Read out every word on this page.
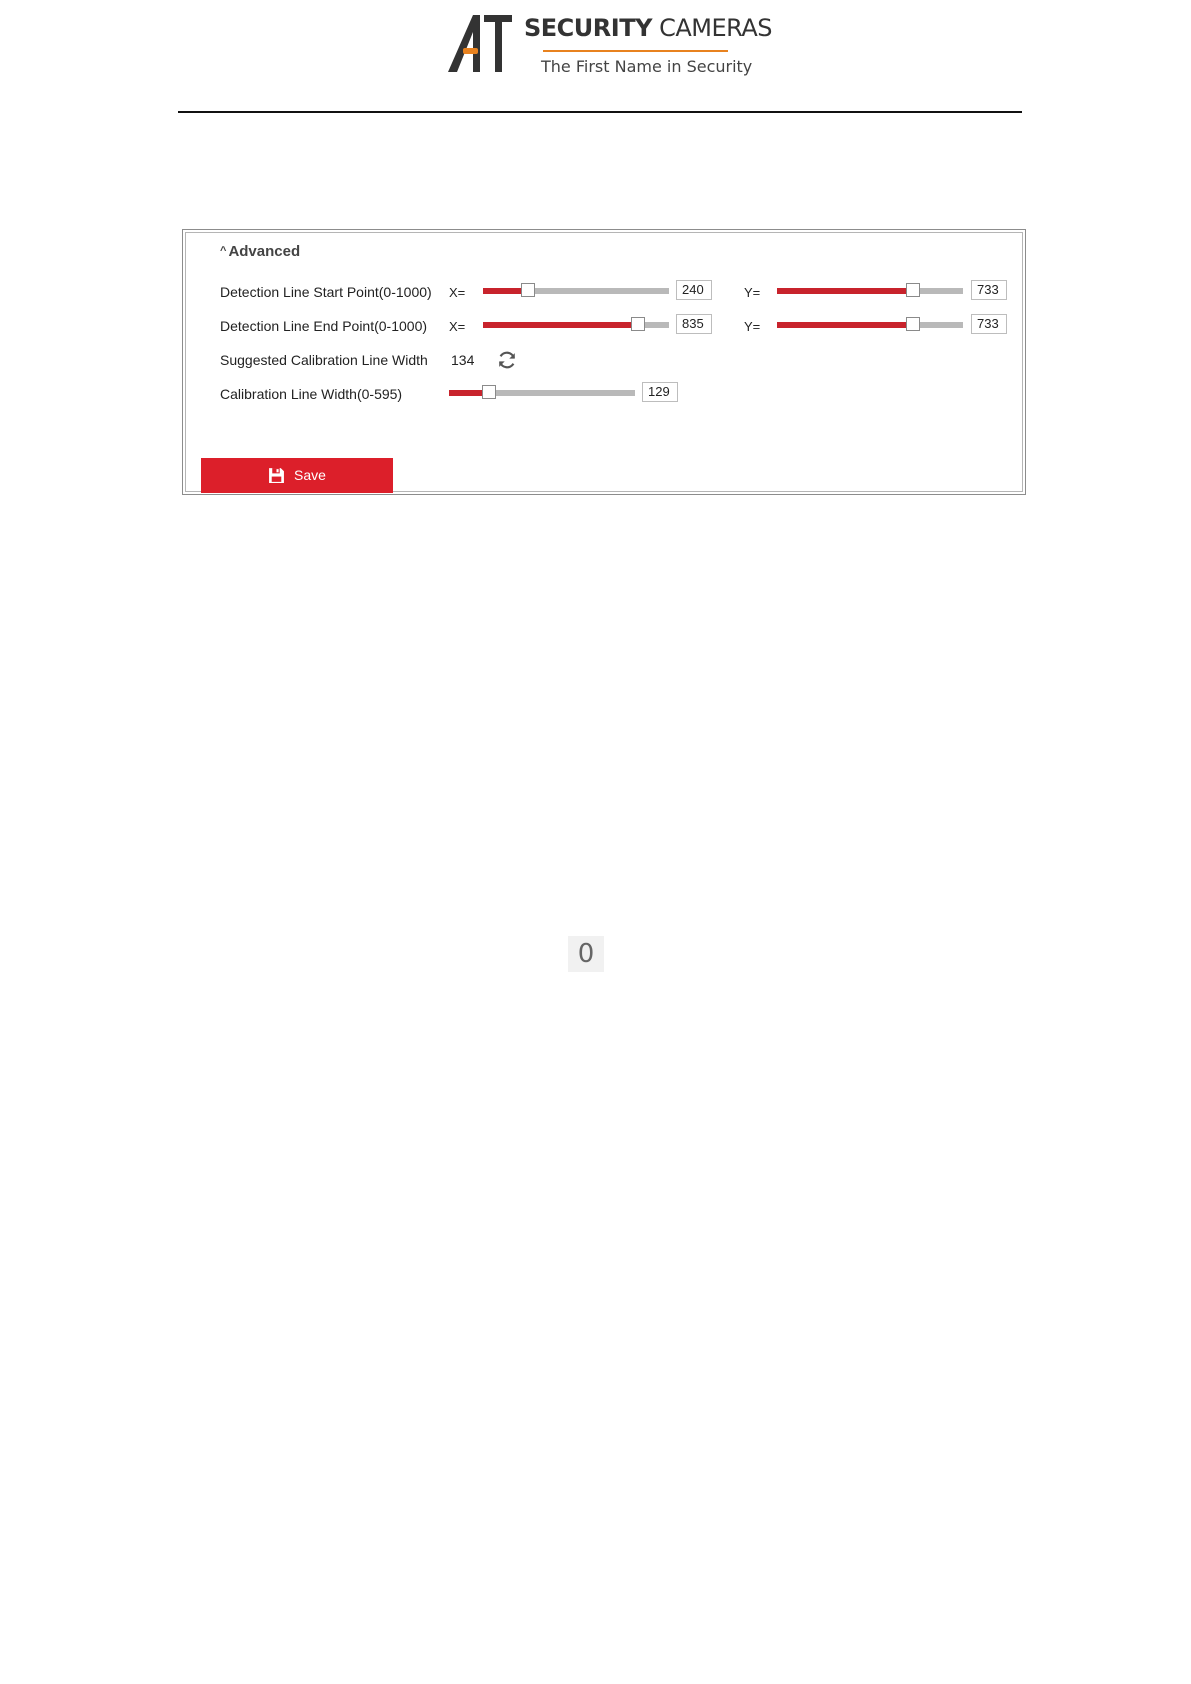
SECURITY CAMERAS
The First Name in Security
^ Advanced
Detection Line Start Point(0-1000) X=	240	Y=	733
Detection Line End Point(0-1000) X=	835	Y=	733
Suggested Calibration Line Width 134
Calibration Line Width(0-595)	129
Save
0
